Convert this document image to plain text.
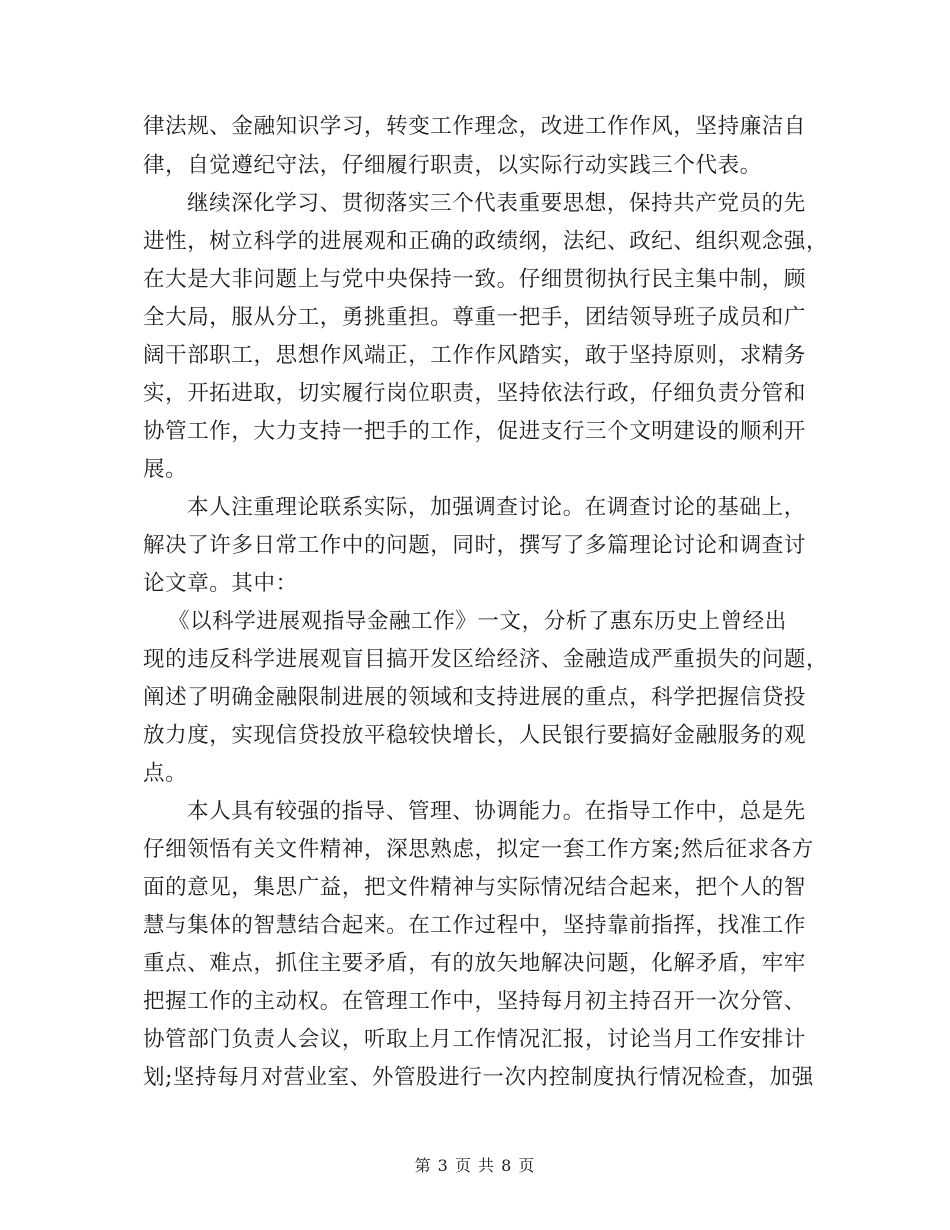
律法规、金融知识学习，转变工作理念，改进工作作风，坚持廉洁自
律，自觉遵纪守法，仔细履行职责，以实际行动实践三个代表。
继续深化学习、贯彻落实三个代表重要思想，保持共产党员的先
进性，树立科学的进展观和正确的政绩纲，法纪、政纪、组织观念强，
在大是大非问题上与党中央保持一致。仔细贯彻执行民主集中制，顾
全大局，服从分工，勇挑重担。尊重一把手，团结领导班子成员和广
阔干部职工，思想作风端正，工作作风踏实，敢于坚持原则，求精务
实，开拓进取，切实履行岗位职责，坚持依法行政，仔细负责分管和
协管工作，大力支持一把手的工作，促进支行三个文明建设的顺利开
展。
本人注重理论联系实际，加强调查讨论。在调查讨论的基础上，
解决了许多日常工作中的问题，同时，撰写了多篇理论讨论和调查讨
论文章。其中：
《以科学进展观指导金融工作》一文，分析了惠东历史上曾经出
现的违反科学进展观盲目搞开发区给经济、金融造成严重损失的问题，
阐述了明确金融限制进展的领域和支持进展的重点，科学把握信贷投
放力度，实现信贷投放平稳较快增长，人民银行要搞好金融服务的观
点。
本人具有较强的指导、管理、协调能力。在指导工作中，总是先
仔细领悟有关文件精神，深思熟虑，拟定一套工作方案;然后征求各方
面的意见，集思广益，把文件精神与实际情况结合起来，把个人的智
慧与集体的智慧结合起来。在工作过程中，坚持靠前指挥，找准工作
重点、难点，抓住主要矛盾，有的放矢地解决问题，化解矛盾，牢牢
把握工作的主动权。在管理工作中，坚持每月初主持召开一次分管、
协管部门负责人会议，听取上月工作情况汇报，讨论当月工作安排计
划;坚持每月对营业室、外管股进行一次内控制度执行情况检查，加强
第 3 页 共 8 页
